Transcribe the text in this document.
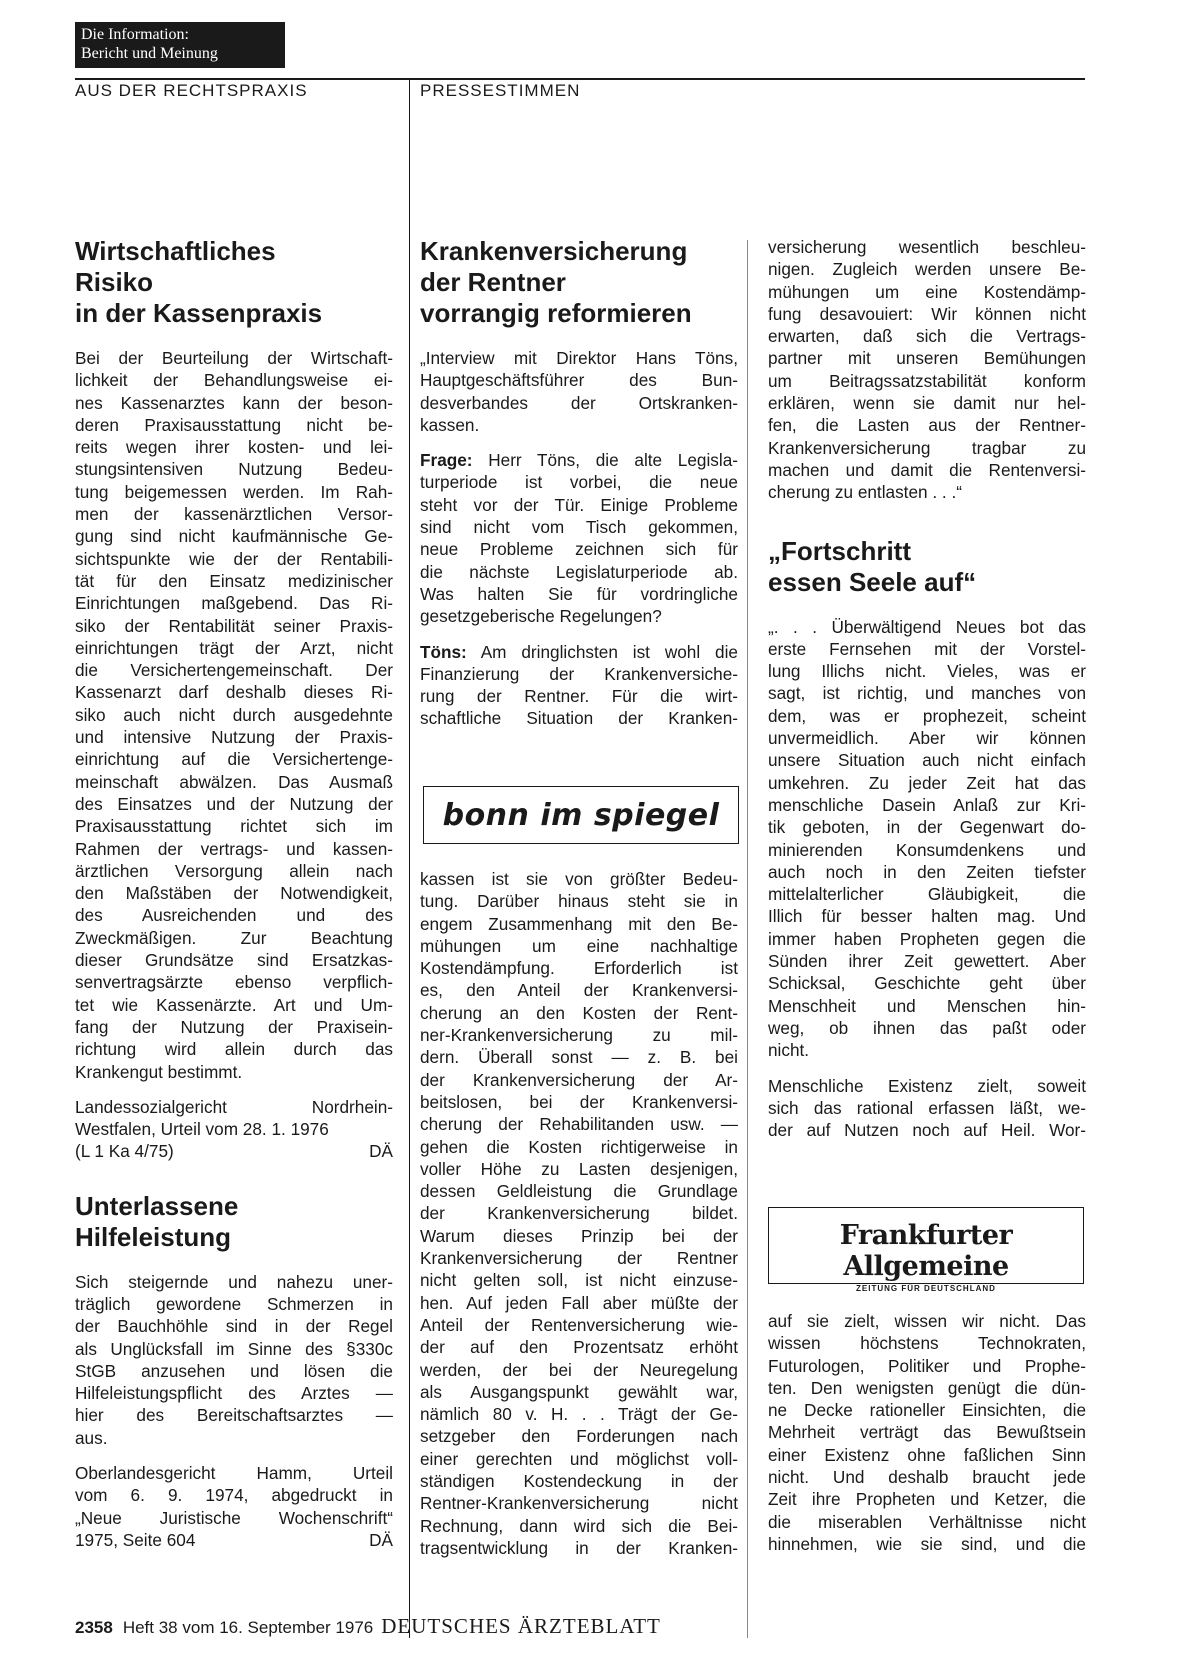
Die Information:
Bericht und Meinung
AUS DER RECHTSPRAXIS	PRESSESTIMMEN
Wirtschaftliches
Risiko
in der Kassenpraxis

Bei der Beurteilung der Wirtschaft-
lichkeit der Behandlungsweise ei-
nes Kassenarztes kann der beson-
deren Praxisausstattung nicht be-
reits wegen ihrer kosten- und lei-
stungsintensiven Nutzung Bedeu-
tung beigemessen werden. Im Rah-
men der kassenärztlichen Versor-
gung sind nicht kaufmännische Ge-
sichtspunkte wie der der Rentabili-
tät für den Einsatz medizinischer
Einrichtungen maßgebend. Das Ri-
siko der Rentabilität seiner Praxis-
einrichtungen trägt der Arzt, nicht
die Versichertengemeinschaft. Der
Kassenarzt darf deshalb dieses Ri-
siko auch nicht durch ausgedehnte
und intensive Nutzung der Praxis-
einrichtung auf die Versichertenge-
meinschaft abwälzen. Das Ausmaß
des Einsatzes und der Nutzung der
Praxisausstattung richtet sich im
Rahmen der vertrags- und kassen-
ärztlichen Versorgung allein nach
den Maßstäben der Notwendigkeit,
des Ausreichenden und des
Zweckmäßigen. Zur Beachtung
dieser Grundsätze sind Ersatzkas-
senvertragsärzte ebenso verpflich-
tet wie Kassenärzte. Art und Um-
fang der Nutzung der Praxisein-
richtung wird allein durch das
Krankengut bestimmt.

Landessozialgericht Nordrhein-
Westfalen, Urteil vom 28. 1. 1976
(L 1 Ka 4/75)	DÄ

Unterlassene
Hilfeleistung

Sich steigernde und nahezu uner-
träglich gewordene Schmerzen in
der Bauchhöhle sind in der Regel
als Unglücksfall im Sinne des §330c
StGB anzusehen und lösen die
Hilfeleistungspflicht des Arztes —
hier des Bereitschaftsarztes —
aus.

Oberlandesgericht Hamm, Urteil
vom 6. 9. 1974, abgedruckt in
„Neue Juristische Wochenschrift“
1975, Seite 604	DÄ

Krankenversicherung
der Rentner
vorrangig reformieren

„Interview mit Direktor Hans Töns,
Hauptgeschäftsführer des Bun-
desverbandes der Ortskranken-
kassen.

Frage: Herr Töns, die alte Legisla-
turperiode ist vorbei, die neue
steht vor der Tür. Einige Probleme
sind nicht vom Tisch gekommen,
neue Probleme zeichnen sich für
die nächste Legislaturperiode ab.
Was halten Sie für vordringliche
gesetzgeberische Regelungen?

Töns: Am dringlichsten ist wohl die
Finanzierung der Krankenversiche-
rung der Rentner. Für die wirt-
schaftliche Situation der Kranken-

bonn im spiegel

kassen ist sie von größter Bedeu-
tung. Darüber hinaus steht sie in
engem Zusammenhang mit den Be-
mühungen um eine nachhaltige
Kostendämpfung. Erforderlich ist
es, den Anteil der Krankenversi-
cherung an den Kosten der Rent-
ner-Krankenversicherung zu mil-
dern. Überall sonst — z. B. bei
der Krankenversicherung der Ar-
beitslosen, bei der Krankenversi-
cherung der Rehabilitanden usw. —
gehen die Kosten richtigerweise in
voller Höhe zu Lasten desjenigen,
dessen Geldleistung die Grundlage
der Krankenversicherung bildet.
Warum dieses Prinzip bei der
Krankenversicherung der Rentner
nicht gelten soll, ist nicht einzuse-
hen. Auf jeden Fall aber müßte der
Anteil der Rentenversicherung wie-
der auf den Prozentsatz erhöht
werden, der bei der Neuregelung
als Ausgangspunkt gewählt war,
nämlich 80 v. H. . . Trägt der Ge-
setzgeber den Forderungen nach
einer gerechten und möglichst voll-
ständigen Kostendeckung in der
Rentner-Krankenversicherung nicht
Rechnung, dann wird sich die Bei-
tragsentwicklung in der Kranken-

versicherung wesentlich beschleu-
nigen. Zugleich werden unsere Be-
mühungen um eine Kostendämp-
fung desavouiert: Wir können nicht
erwarten, daß sich die Vertrags-
partner mit unseren Bemühungen
um Beitragssatzstabilität konform
erklären, wenn sie damit nur hel-
fen, die Lasten aus der Rentner-
Krankenversicherung tragbar zu
machen und damit die Rentenversi-
cherung zu entlasten . . .“

„Fortschritt
essen Seele auf“

„. . . Überwältigend Neues bot das
erste Fernsehen mit der Vorstel-
lung Illichs nicht. Vieles, was er
sagt, ist richtig, und manches von
dem, was er prophezeit, scheint
unvermeidlich. Aber wir können
unsere Situation auch nicht einfach
umkehren. Zu jeder Zeit hat das
menschliche Dasein Anlaß zur Kri-
tik geboten, in der Gegenwart do-
minierenden Konsumdenkens und
auch noch in den Zeiten tiefster
mittelalterlicher Gläubigkeit, die
Illich für besser halten mag. Und
immer haben Propheten gegen die
Sünden ihrer Zeit gewettert. Aber
Schicksal, Geschichte geht über
Menschheit und Menschen hin-
weg, ob ihnen das paßt oder
nicht.

Menschliche Existenz zielt, soweit
sich das rational erfassen läßt, we-
der auf Nutzen noch auf Heil. Wor-

Frankfurter Allgemeine
ZEITUNG FÜR DEUTSCHLAND

auf sie zielt, wissen wir nicht. Das
wissen höchstens Technokraten,
Futurologen, Politiker und Prophe-
ten. Den wenigsten genügt die dün-
ne Decke rationeller Einsichten, die
Mehrheit verträgt das Bewußtsein
einer Existenz ohne faßlichen Sinn
nicht. Und deshalb braucht jede
Zeit ihre Propheten und Ketzer, die
die miserablen Verhältnisse nicht
hinnehmen, wie sie sind, und die

2358 Heft 38 vom 16. September 1976 DEUTSCHES ÄRZTEBLATT
